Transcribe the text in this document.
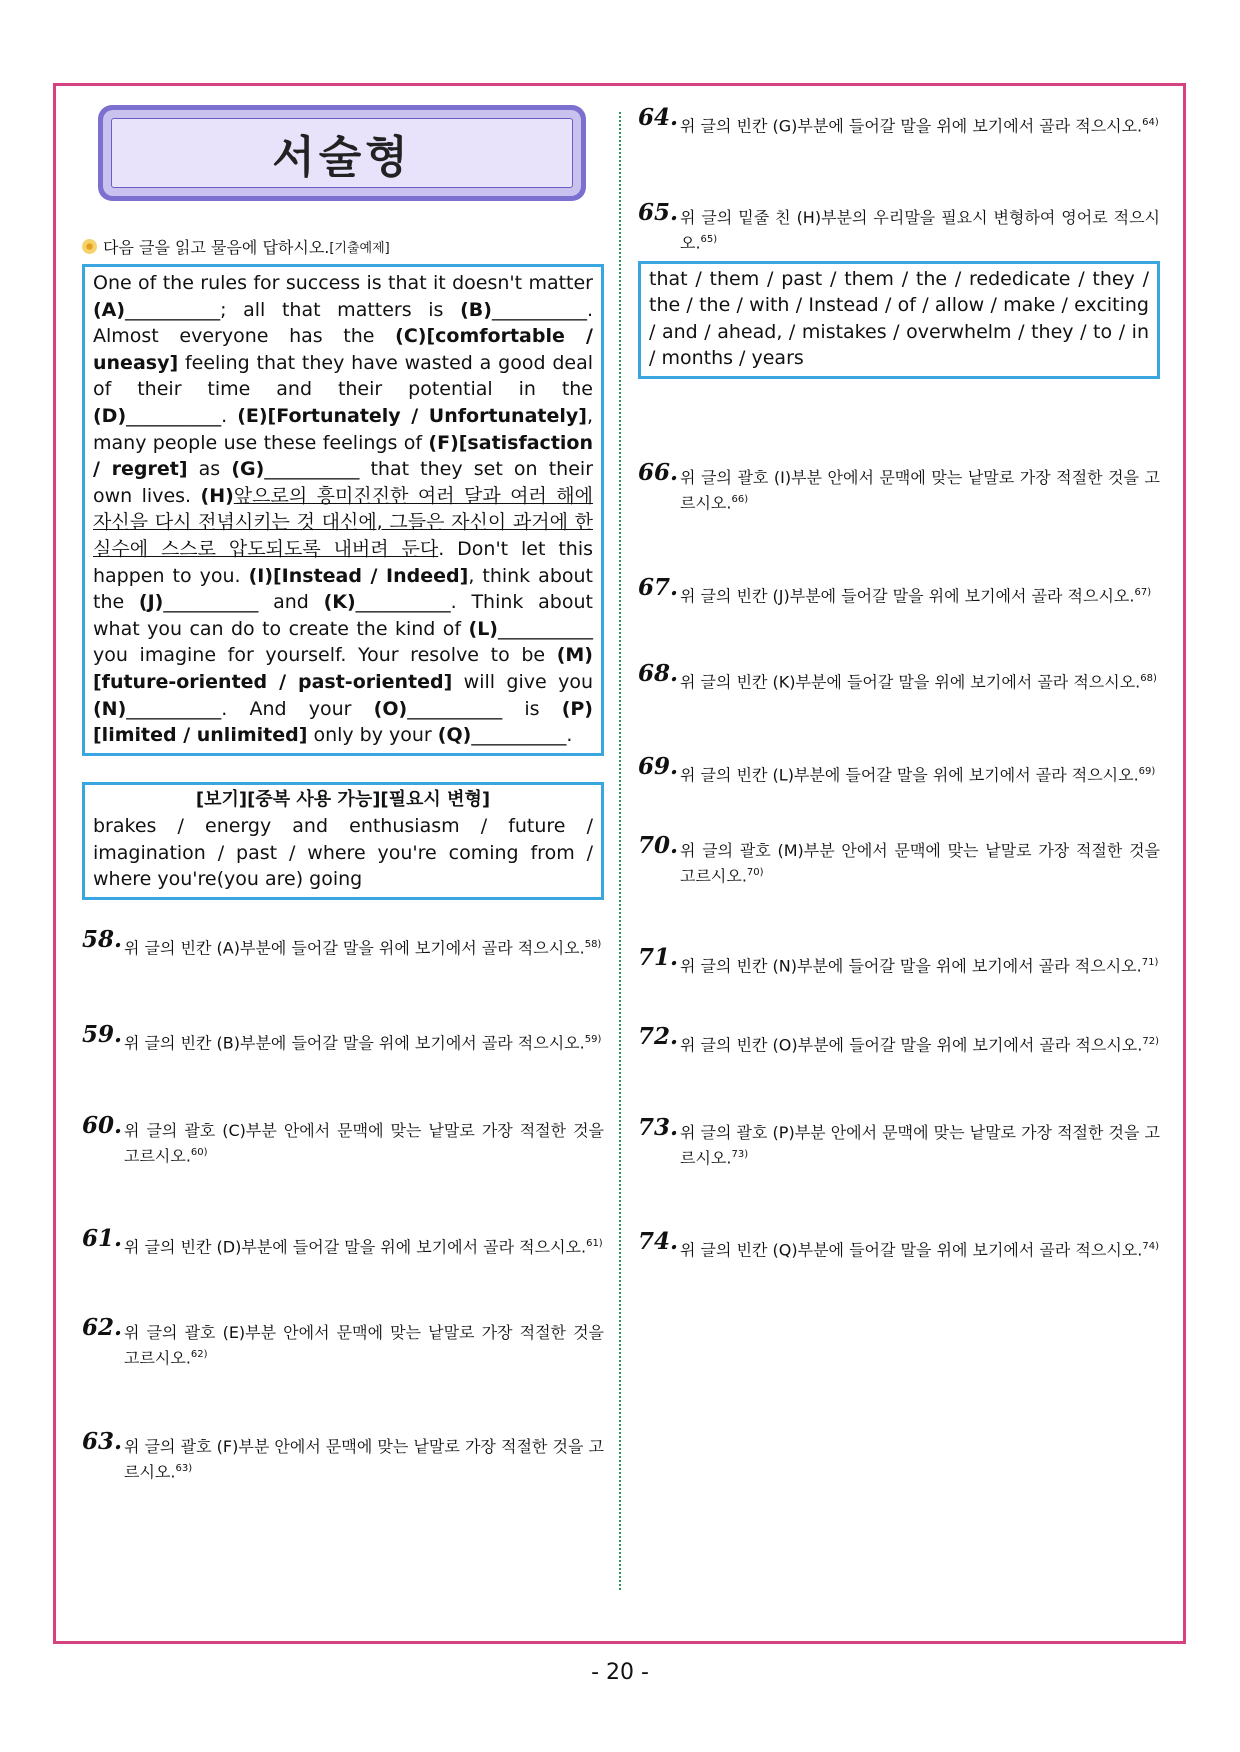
서술형
다음 글을 읽고 물음에 답하시오. [기출예제]
One of the rules for success is that it doesn't matter (A)__________; all that matters is (B)__________. Almost everyone has the (C)[comfortable / uneasy] feeling that they have wasted a good deal of their time and their potential in the (D)__________. (E)[Fortunately / Unfortunately], many people use these feelings of (F)[satisfaction / regret] as (G)__________ that they set on their own lives. (H)앞으로의 흥미진진한 여러 달과 여러 해에 자신을 다시 전념시키는 것 대신에, 그들은 자신이 과거에 한 실수에 스스로 압도되도록 내버려 둔다. Don't let this happen to you. (I)[Instead / Indeed], think about the (J)__________ and (K)__________. Think about what you can do to create the kind of (L)__________ you imagine for yourself. Your resolve to be (M)[future-oriented / past-oriented] will give you (N)__________. And your (O)__________ is (P)[limited / unlimited] only by your (Q)__________.
[보기][중복 사용 가능][필요시 변형]
brakes / energy and enthusiasm / future / imagination / past / where you're coming from / where you're(you are) going
58. 위 글의 빈칸 (A)부분에 들어갈 말을 위에 보기에서 골라 적으시오.$^{58)}$
59. 위 글의 빈칸 (B)부분에 들어갈 말을 위에 보기에서 골라 적으시오.$^{59)}$
60. 위 글의 괄호 (C)부분 안에서 문맥에 맞는 낱말로 가장 적절한 것을 고르시오.$^{60)}$
61. 위 글의 빈칸 (D)부분에 들어갈 말을 위에 보기에서 골라 적으시오.$^{61)}$
62. 위 글의 괄호 (E)부분 안에서 문맥에 맞는 낱말로 가장 적절한 것을 고르시오.$^{62)}$
63. 위 글의 괄호 (F)부분 안에서 문맥에 맞는 낱말로 가장 적절한 것을 고르시오.$^{63)}$
64. 위 글의 빈칸 (G)부분에 들어갈 말을 위에 보기에서 골라 적으시오.$^{64)}$
65. 위 글의 밑줄 친 (H)부분의 우리말을 필요시 변형하여 영어로 적으시오.$^{65)}$
that / them / past / them / the / rededicate / they / the / the / with / Instead / of / allow / make / exciting / and / ahead, / mistakes / overwhelm / they / to / in / months / years
66. 위 글의 괄호 (I)부분 안에서 문맥에 맞는 낱말로 가장 적절한 것을 고르시오.$^{66)}$
67. 위 글의 빈칸 (J)부분에 들어갈 말을 위에 보기에서 골라 적으시오.$^{67)}$
68. 위 글의 빈칸 (K)부분에 들어갈 말을 위에 보기에서 골라 적으시오.$^{68)}$
69. 위 글의 빈칸 (L)부분에 들어갈 말을 위에 보기에서 골라 적으시오.$^{69)}$
70. 위 글의 괄호 (M)부분 안에서 문맥에 맞는 낱말로 가장 적절한 것을 고르시오.$^{70)}$
71. 위 글의 빈칸 (N)부분에 들어갈 말을 위에 보기에서 골라 적으시오.$^{71)}$
72. 위 글의 빈칸 (O)부분에 들어갈 말을 위에 보기에서 골라 적으시오.$^{72)}$
73. 위 글의 괄호 (P)부분 안에서 문맥에 맞는 낱말로 가장 적절한 것을 고르시오.$^{73)}$
74. 위 글의 빈칸 (Q)부분에 들어갈 말을 위에 보기에서 골라 적으시오.$^{74)}$
- 20 -
